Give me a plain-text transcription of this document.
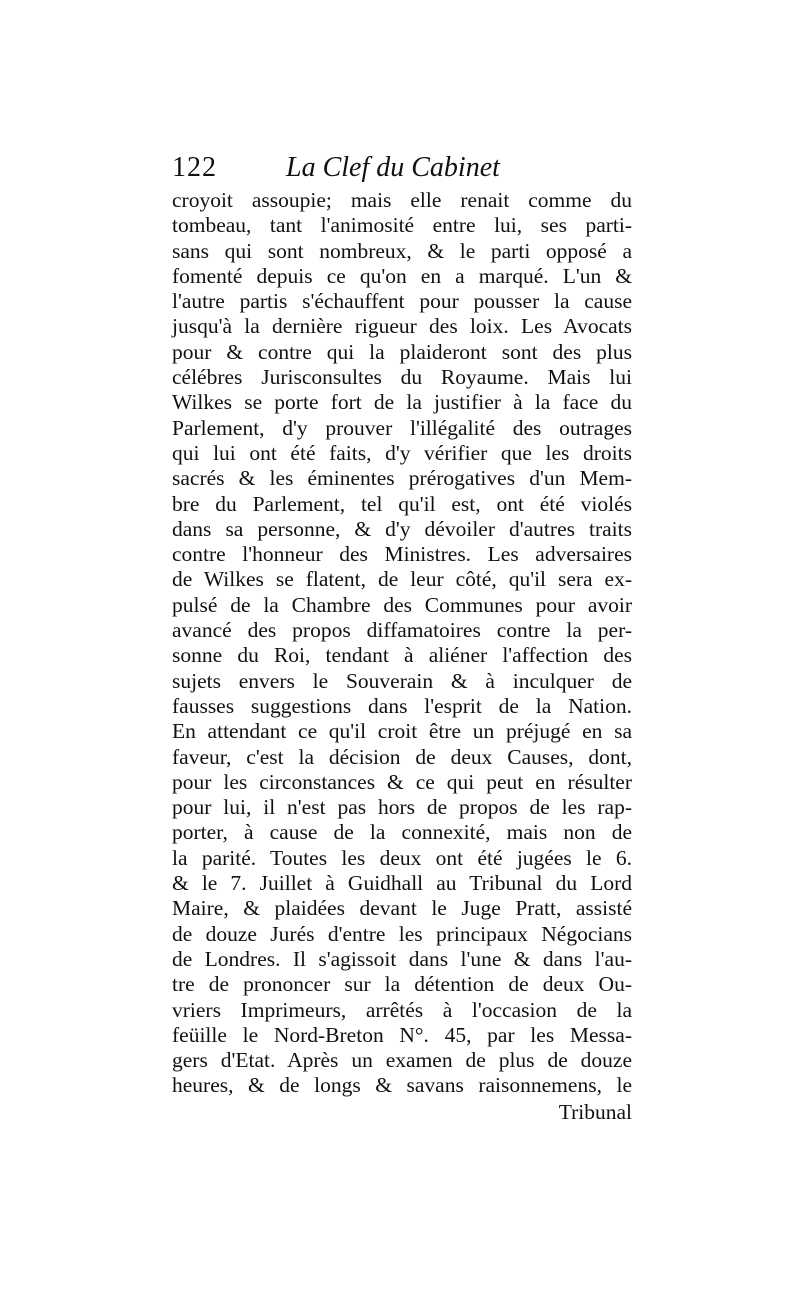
122 La Clef du Cabinet
croyoit assoupie; mais elle renait comme du
tombeau, tant l'animosité entre lui, ses parti-
sans qui sont nombreux, & le parti opposé a
fomenté depuis ce qu'on en a marqué. L'un &
l'autre partis s'échauffent pour pousser la cause
jusqu'à la dernière rigueur des loix. Les Avocats
pour & contre qui la plaideront sont des plus
célébres Jurisconsultes du Royaume. Mais lui
Wilkes se porte fort de la justifier à la face du
Parlement, d'y prouver l'illégalité des outrages
qui lui ont été faits, d'y vérifier que les droits
sacrés & les éminentes prérogatives d'un Mem-
bre du Parlement, tel qu'il est, ont été violés
dans sa personne, & d'y dévoiler d'autres traits
contre l'honneur des Ministres. Les adversaires
de Wilkes se flatent, de leur côté, qu'il sera ex-
pulsé de la Chambre des Communes pour avoir
avancé des propos diffamatoires contre la per-
sonne du Roi, tendant à aliéner l'affection des
sujets envers le Souverain & à inculquer de
fausses suggestions dans l'esprit de la Nation.
En attendant ce qu'il croit être un préjugé en sa
faveur, c'est la décision de deux Causes, dont,
pour les circonstances & ce qui peut en résulter
pour lui, il n'est pas hors de propos de les rap-
porter, à cause de la connexité, mais non de
la parité. Toutes les deux ont été jugées le 6.
& le 7. Juillet à Guidhall au Tribunal du Lord
Maire, & plaidées devant le Juge Pratt, assisté
de douze Jurés d'entre les principaux Négocians
de Londres. Il s'agissoit dans l'une & dans l'au-
tre de prononcer sur la détention de deux Ou-
vriers Imprimeurs, arrêtés à l'occasion de la
feüille le Nord-Breton N°. 45, par les Messa-
gers d'Etat. Après un examen de plus de douze
heures, & de longs & savans raisonnemens, le
Tribunal
